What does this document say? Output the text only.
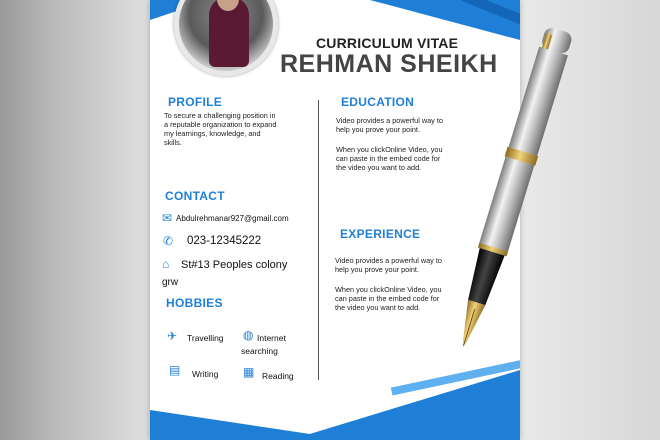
CURRICULUM VITAE
REHMAN SHEIKH
PROFILE
To secure a challenging position in
a reputable organization to expand
my learnings, knowledge, and
skills.
EDUCATION
Video provides a powerful way to
help you prove your point.
When you clickOnline Video, you
can paste in the embed code for
the video you want to add.
CONTACT
✉ Abdulrehmanar927@gmail.com
✆ 023-12345222
⌂ St#13 Peoples colony
grw
HOBBIES
✈ Travelling ◍ Internet
searching
▤ Writing ▦ Reading
EXPERIENCE
Video provides a powerful way to
help you prove your point.
When you clickOnline Video, you
can paste in the embed code for
the video you want to add.
